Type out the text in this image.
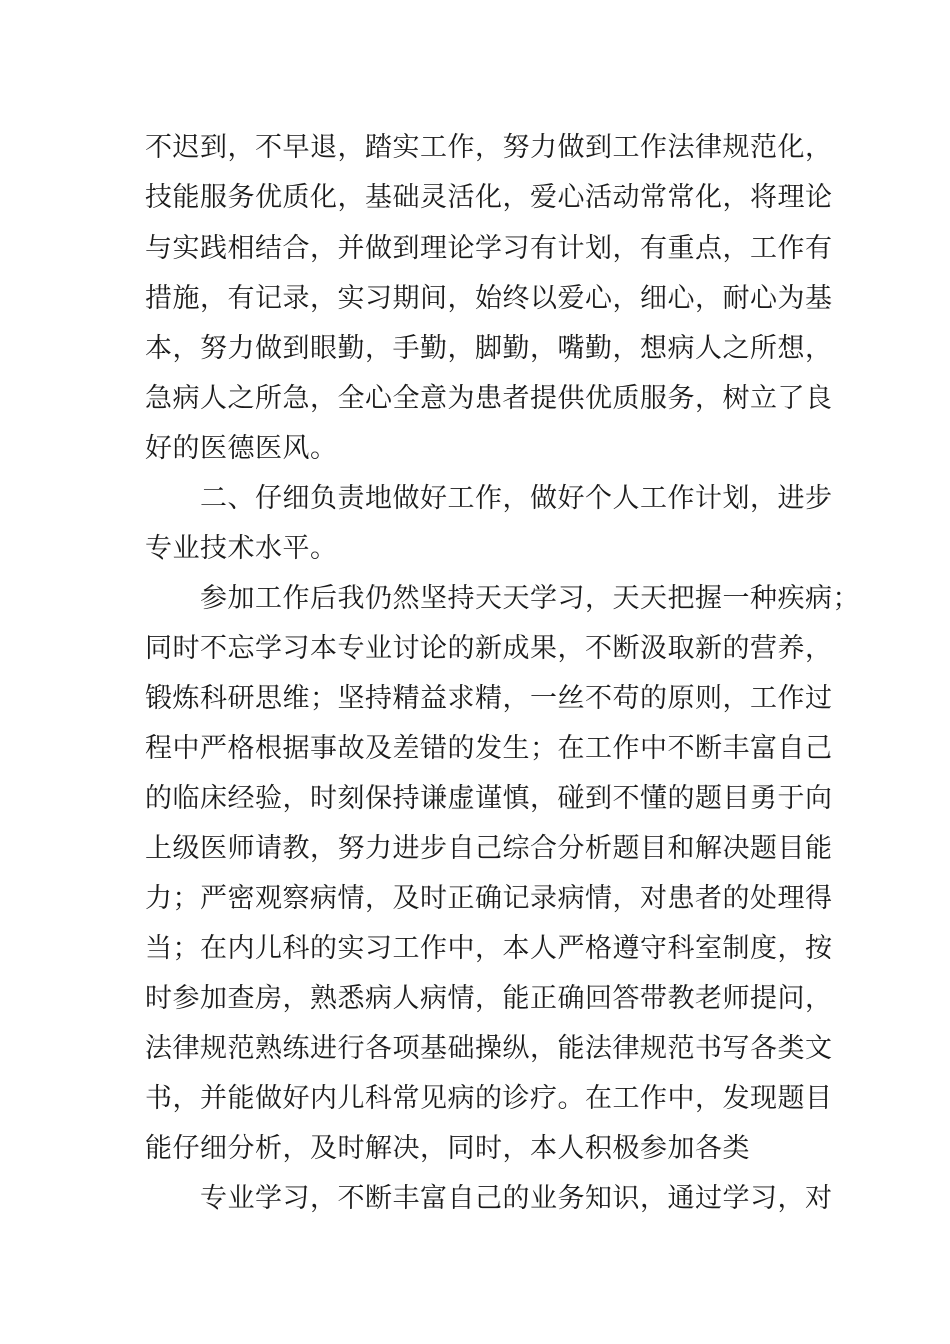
不迟到，不早退，踏实工作，努力做到工作法律规范化，
技能服务优质化，基础灵活化，爱心活动常常化，将理论
与实践相结合，并做到理论学习有计划，有重点，工作有
措施，有记录，实习期间，始终以爱心，细心，耐心为基
本，努力做到眼勤，手勤，脚勤，嘴勤，想病人之所想，
急病人之所急，全心全意为患者提供优质服务，树立了良
好的医德医风。
二、仔细负责地做好工作，做好个人工作计划，进步
专业技术水平。
参加工作后我仍然坚持天天学习，天天把握一种疾病；
同时不忘学习本专业讨论的新成果，不断汲取新的营养，
锻炼科研思维；坚持精益求精，一丝不苟的原则，工作过
程中严格根据事故及差错的发生；在工作中不断丰富自己
的临床经验，时刻保持谦虚谨慎，碰到不懂的题目勇于向
上级医师请教，努力进步自己综合分析题目和解决题目能
力；严密观察病情，及时正确记录病情，对患者的处理得
当；在内儿科的实习工作中，本人严格遵守科室制度，按
时参加查房，熟悉病人病情，能正确回答带教老师提问，
法律规范熟练进行各项基础操纵，能法律规范书写各类文
书，并能做好内儿科常见病的诊疗。在工作中，发现题目
能仔细分析，及时解决，同时，本人积极参加各类
专业学习，不断丰富自己的业务知识，通过学习，对
